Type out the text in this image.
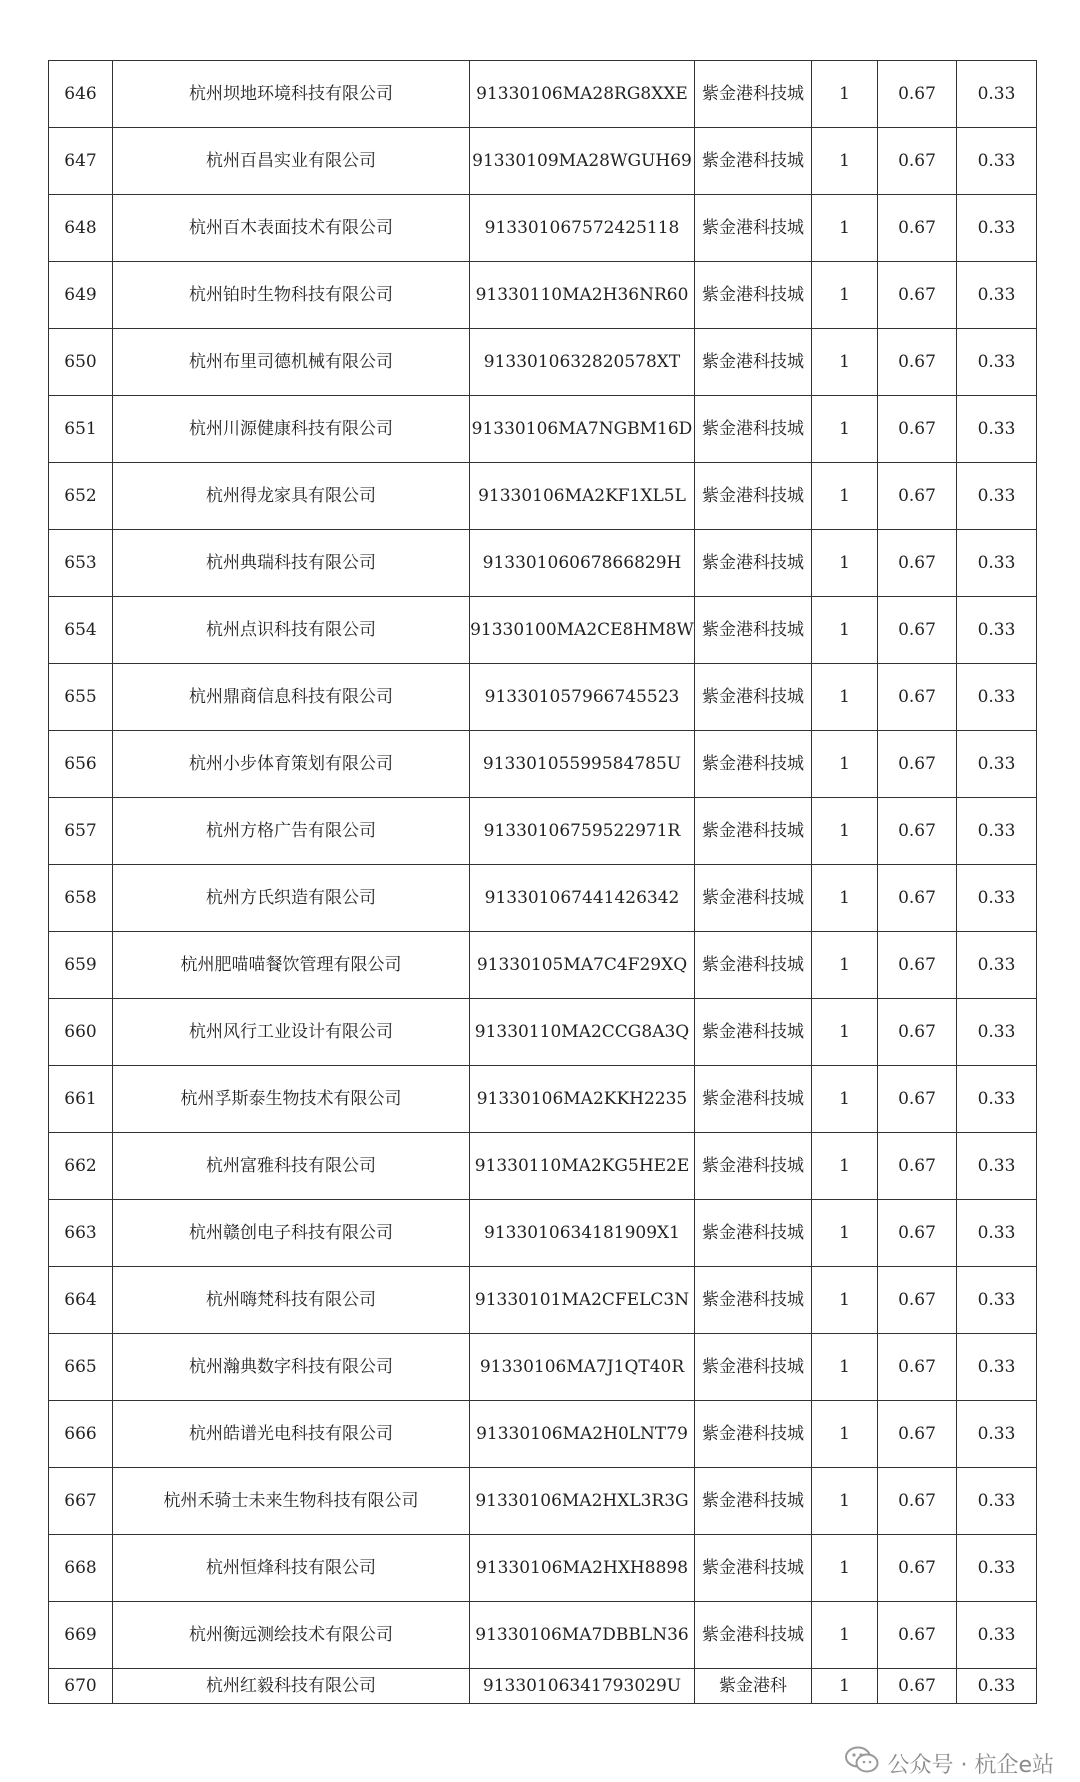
646	杭州坝地环境科技有限公司	91330106MA28RG8XXE	紫金港科技城	1	0.67	0.33
647	杭州百昌实业有限公司	91330109MA28WGUH69	紫金港科技城	1	0.67	0.33
648	杭州百木表面技术有限公司	913301067572425118	紫金港科技城	1	0.67	0.33
649	杭州铂时生物科技有限公司	91330110MA2H36NR60	紫金港科技城	1	0.67	0.33
650	杭州布里司德机械有限公司	9133010632820578XT	紫金港科技城	1	0.67	0.33
651	杭州川源健康科技有限公司	91330106MA7NGBM16D	紫金港科技城	1	0.67	0.33
652	杭州得龙家具有限公司	91330106MA2KF1XL5L	紫金港科技城	1	0.67	0.33
653	杭州典瑞科技有限公司	91330106067866829H	紫金港科技城	1	0.67	0.33
654	杭州点识科技有限公司	91330100MA2CE8HM8W	紫金港科技城	1	0.67	0.33
655	杭州鼎商信息科技有限公司	913301057966745523	紫金港科技城	1	0.67	0.33
656	杭州小步体育策划有限公司	91330105599584785U	紫金港科技城	1	0.67	0.33
657	杭州方格广告有限公司	91330106759522971R	紫金港科技城	1	0.67	0.33
658	杭州方氏织造有限公司	913301067441426342	紫金港科技城	1	0.67	0.33
659	杭州肥喵喵餐饮管理有限公司	91330105MA7C4F29XQ	紫金港科技城	1	0.67	0.33
660	杭州风行工业设计有限公司	91330110MA2CCG8A3Q	紫金港科技城	1	0.67	0.33
661	杭州孚斯泰生物技术有限公司	91330106MA2KKH2235	紫金港科技城	1	0.67	0.33
662	杭州富雅科技有限公司	91330110MA2KG5HE2E	紫金港科技城	1	0.67	0.33
663	杭州赣创电子科技有限公司	9133010634181909X1	紫金港科技城	1	0.67	0.33
664	杭州嗨梵科技有限公司	91330101MA2CFELC3N	紫金港科技城	1	0.67	0.33
665	杭州瀚典数字科技有限公司	91330106MA7J1QT40R	紫金港科技城	1	0.67	0.33
666	杭州皓谱光电科技有限公司	91330106MA2H0LNT79	紫金港科技城	1	0.67	0.33
667	杭州禾骑士未来生物科技有限公司	91330106MA2HXL3R3G	紫金港科技城	1	0.67	0.33
668	杭州恒烽科技有限公司	91330106MA2HXH8898	紫金港科技城	1	0.67	0.33
669	杭州衡远测绘技术有限公司	91330106MA7DBBLN36	紫金港科技城	1	0.67	0.33
670	杭州红毅科技有限公司	91330106341793029U	紫金港科	1	0.67	0.33
公众号 · 杭企e站
